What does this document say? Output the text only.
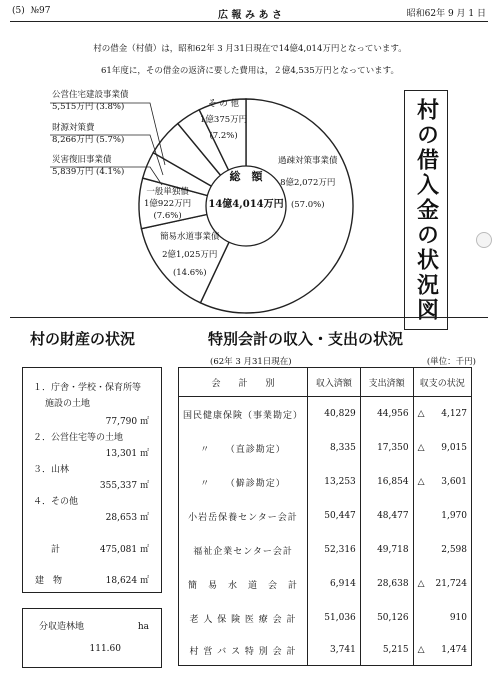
(5) №97	広 報 み あ さ	昭和62年 9 月 1 日
村の借金（村債）は，昭和62年 3 月31日現在で14億4,014万円となっています。
61年度に，その借金の返済に要した費用は，２億4,535万円となっています。
公営住宅建設事業債
5,515万円 (3.8%)
財源対策費
8,266万円 (5.7%)
災害復旧事業債
5,839万円 (4.1%)
そ の 他
1億375万円
(7.2%)
過疎対策事業債
8億2,072万円
(57.0%)
一般単独債
1億922万円
(7.6%)
簡易水道事業債
2億1,025万円
(14.6%)
総　額
14億4,014万円	村の借入金の状況図
村の財産の状況
１．庁舎・学校・保育所等
施設の土地
77,790 ㎡
２．公営住宅等の土地
13,301 ㎡
３．山林
355,337 ㎡
４．その他
28,653 ㎡
計	475,081 ㎡
建　物	18,624 ㎡
分収造林地	ha
111.60
特別会計の収入・支出の状況
(62年 3 月31日現在)	(単位：千円)
会　　計　　別	収入済額	支出済額	収支の状況	
国民健康保険（事業勘定）	40,829	44,956	△	4,127
〃　　（直診勘定）	8,335	17,350	△	9,015
〃　　（僻診勘定）	13,253	16,854	△	3,601
小岩岳保養センター会計	50,447	48,477		1,970
福祉企業センター会計	52,316	49,718		2,598
簡　易　水　道　会　計	6,914	28,638	△	21,724
老 人 保 険 医 療 会 計	51,036	50,126		910
村 営 バ ス 特 別 会 計	3,741	5,215	△	1,474
